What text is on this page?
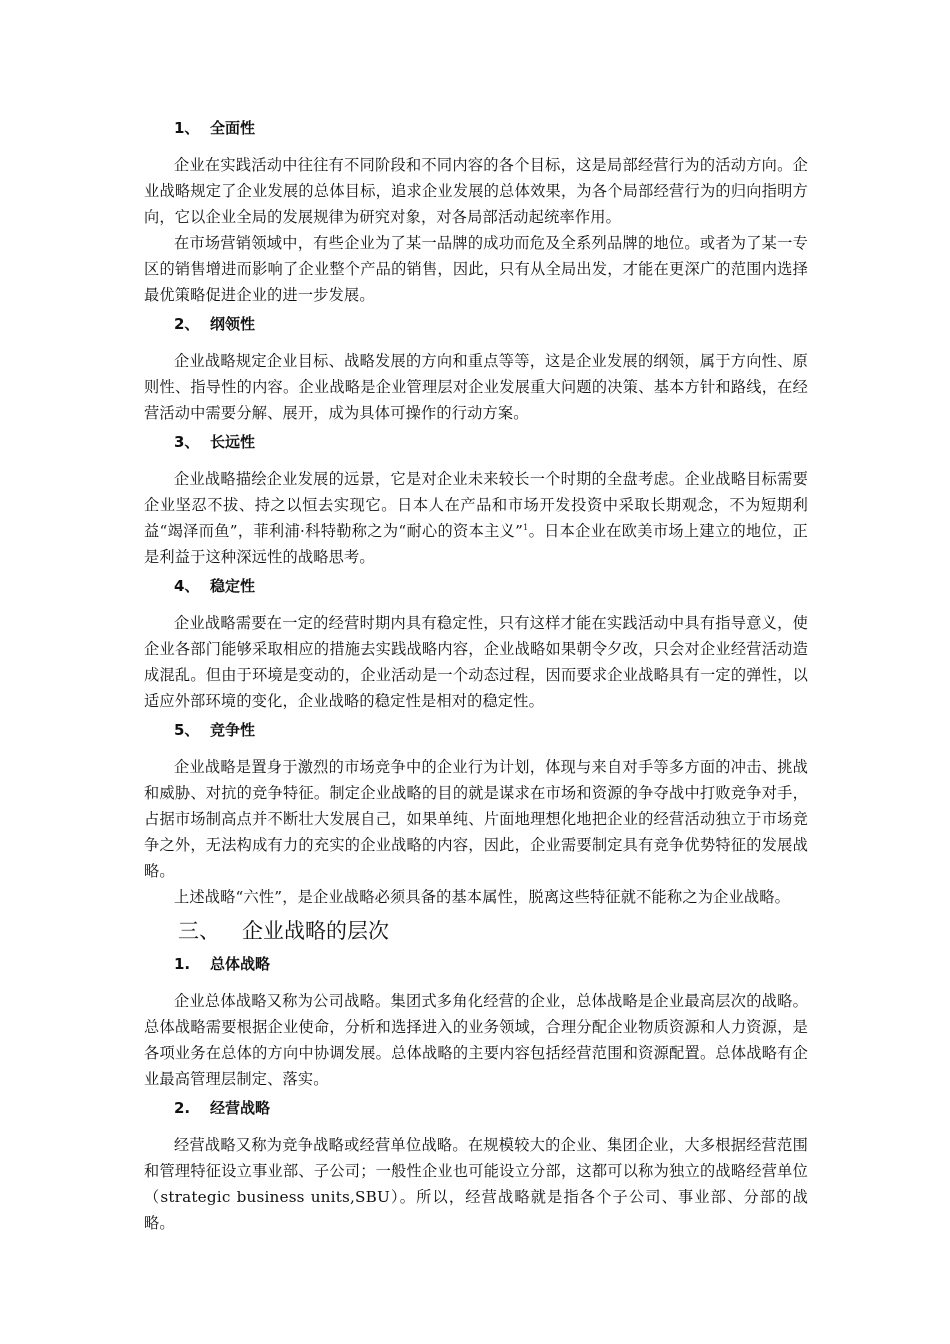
1、 全面性

企业在实践活动中往往有不同阶段和不同内容的各个目标，这是局部经营行为的活动方向。企业战略规定了企业发展的总体目标，追求企业发展的总体效果，为各个局部经营行为的归向指明方向，它以企业全局的发展规律为研究对象，对各局部活动起统率作用。

在市场营销领域中，有些企业为了某一品牌的成功而危及全系列品牌的地位。或者为了某一专区的销售增进而影响了企业整个产品的销售，因此，只有从全局出发，才能在更深广的范围内选择最优策略促进企业的进一步发展。

2、 纲领性

企业战略规定企业目标、战略发展的方向和重点等等，这是企业发展的纲领，属于方向性、原则性、指导性的内容。企业战略是企业管理层对企业发展重大问题的决策、基本方针和路线，在经营活动中需要分解、展开，成为具体可操作的行动方案。

3、 长远性

企业战略描绘企业发展的远景，它是对企业未来较长一个时期的全盘考虑。企业战略目标需要企业坚忍不拔、持之以恒去实现它。日本人在产品和市场开发投资中采取长期观念，不为短期利益“竭泽而鱼”，菲利浦·科特勒称之为“耐心的资本主义”$^1$。日本企业在欧美市场上建立的地位，正是利益于这种深远性的战略思考。

4、 稳定性

企业战略需要在一定的经营时期内具有稳定性，只有这样才能在实践活动中具有指导意义，使企业各部门能够采取相应的措施去实践战略内容，企业战略如果朝令夕改，只会对企业经营活动造成混乱。但由于环境是变动的，企业活动是一个动态过程，因而要求企业战略具有一定的弹性，以适应外部环境的变化，企业战略的稳定性是相对的稳定性。

5、 竞争性

企业战略是置身于激烈的市场竞争中的企业行为计划，体现与来自对手等多方面的冲击、挑战和威胁、对抗的竞争特征。制定企业战略的目的就是谋求在市场和资源的争夺战中打败竞争对手，占据市场制高点并不断壮大发展自己，如果单纯、片面地理想化地把企业的经营活动独立于市场竞争之外，无法构成有力的充实的企业战略的内容，因此，企业需要制定具有竞争优势特征的发展战略。

上述战略“六性”，是企业战略必须具备的基本属性，脱离这些特征就不能称之为企业战略。

三、 企业战略的层次
1. 总体战略

企业总体战略又称为公司战略。集团式多角化经营的企业，总体战略是企业最高层次的战略。总体战略需要根据企业使命，分析和选择进入的业务领域，合理分配企业物质资源和人力资源，是各项业务在总体的方向中协调发展。总体战略的主要内容包括经营范围和资源配置。总体战略有企业最高管理层制定、落实。

2. 经营战略

经营战略又称为竞争战略或经营单位战略。在规模较大的企业、集团企业，大多根据经营范围和管理特征设立事业部、子公司；一般性企业也可能设立分部，这都可以称为独立的战略经营单位（strategic business units,SBU）。所以，经营战略就是指各个子公司、事业部、分部的战略。
